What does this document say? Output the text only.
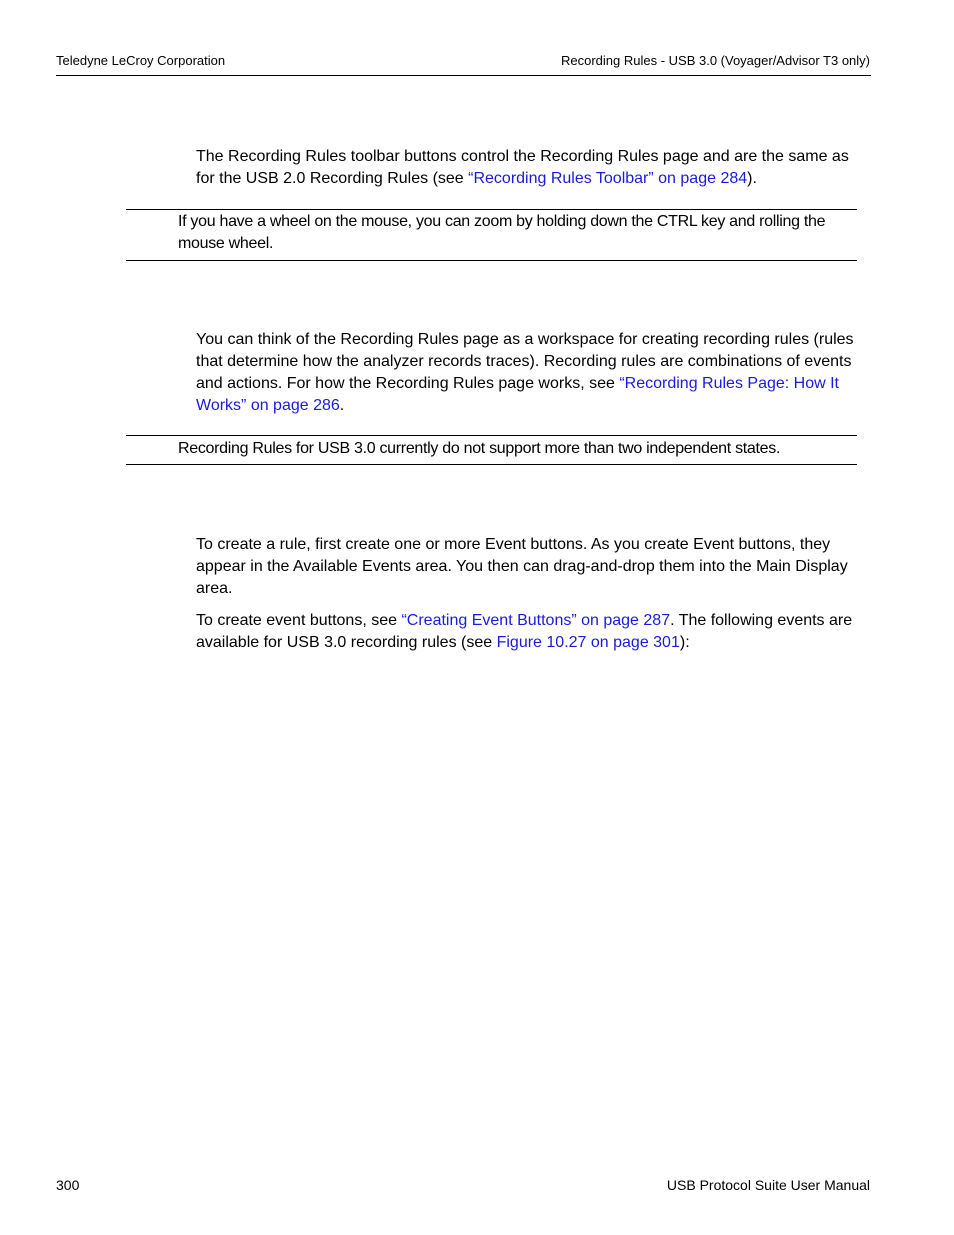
Teledyne LeCroy Corporation	Recording Rules - USB 3.0 (Voyager/Advisor T3 only)

The Recording Rules toolbar buttons control the Recording Rules page and are the same as for the USB 2.0 Recording Rules (see “Recording Rules Toolbar” on page 284).

If you have a wheel on the mouse, you can zoom by holding down the CTRL key and rolling the mouse wheel.

You can think of the Recording Rules page as a workspace for creating recording rules (rules that determine how the analyzer records traces). Recording rules are combinations of events and actions. For how the Recording Rules page works, see “Recording Rules Page: How It Works” on page 286.

Recording Rules for USB 3.0 currently do not support more than two independent states.

To create a rule, first create one or more Event buttons. As you create Event buttons, they appear in the Available Events area. You then can drag-and-drop them into the Main Display area.

To create event buttons, see “Creating Event Buttons” on page 287. The following events are available for USB 3.0 recording rules (see Figure 10.27 on page 301):

300	USB Protocol Suite User Manual
